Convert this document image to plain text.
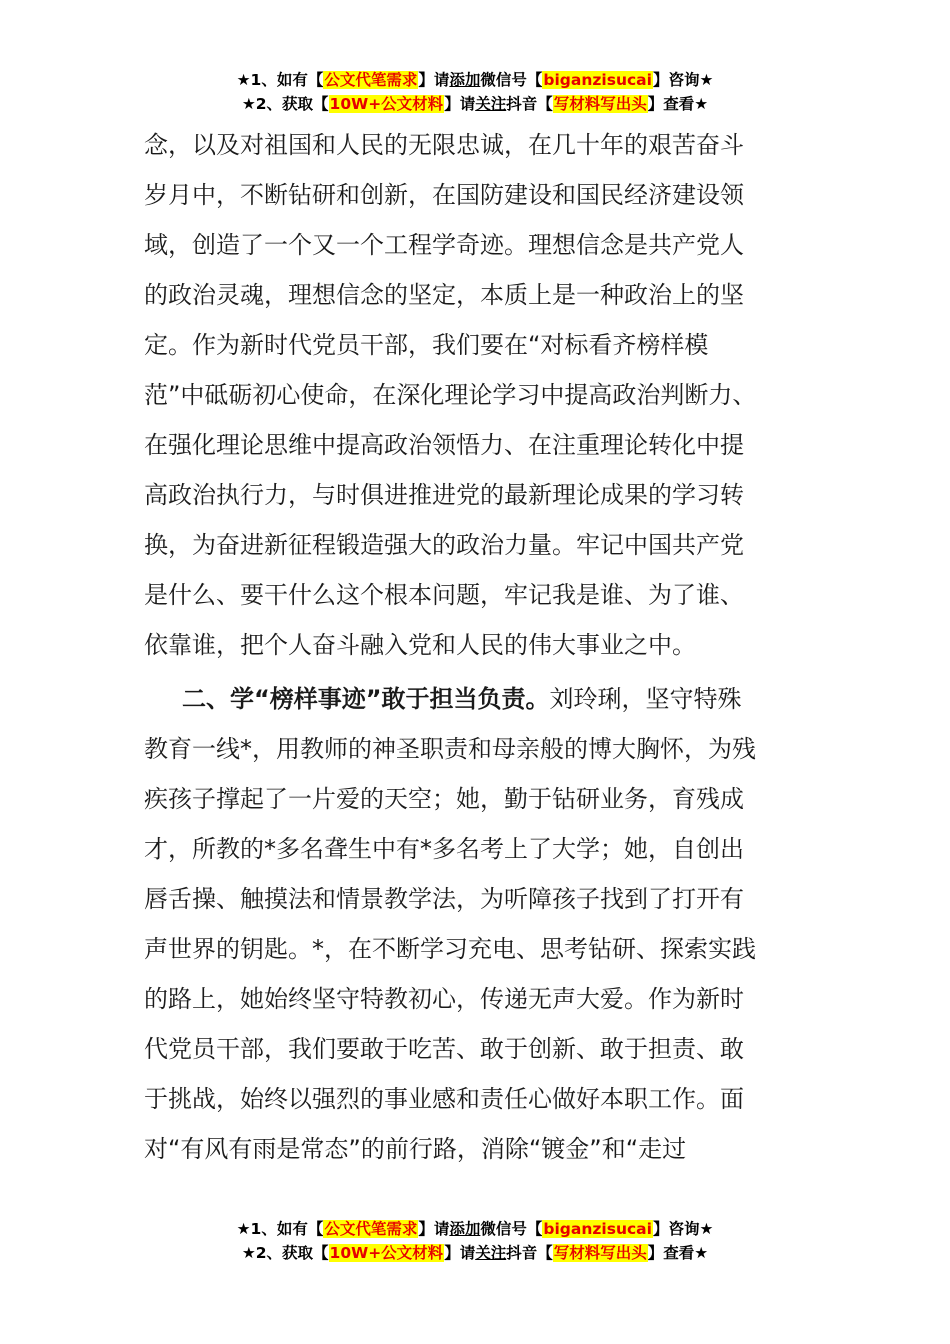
★1、如有【公文代笔需求】请添加微信号【biganzisucai】咨询★
★2、获取【10W+公文材料】请关注抖音【写材料写出头】查看★
念，以及对祖国和人民的无限忠诚，在几十年的艰苦奋斗
岁月中，不断钻研和创新，在国防建设和国民经济建设领
域，创造了一个又一个工程学奇迹。理想信念是共产党人
的政治灵魂，理想信念的坚定，本质上是一种政治上的坚
定。作为新时代党员干部，我们要在“对标看齐榜样模
范”中砥砺初心使命，在深化理论学习中提高政治判断力、
在强化理论思维中提高政治领悟力、在注重理论转化中提
高政治执行力，与时俱进推进党的最新理论成果的学习转
换，为奋进新征程锻造强大的政治力量。牢记中国共产党
是什么、要干什么这个根本问题，牢记我是谁、为了谁、
依靠谁，把个人奋斗融入党和人民的伟大事业之中。
二、学“榜样事迹”敢于担当负责。刘玲琍，坚守特殊
教育一线*，用教师的神圣职责和母亲般的博大胸怀，为残
疾孩子撑起了一片爱的天空；她，勤于钻研业务，育残成
才，所教的*多名聋生中有*多名考上了大学；她，自创出
唇舌操、触摸法和情景教学法，为听障孩子找到了打开有
声世界的钥匙。*，在不断学习充电、思考钻研、探索实践
的路上，她始终坚守特教初心，传递无声大爱。作为新时
代党员干部，我们要敢于吃苦、敢于创新、敢于担责、敢
于挑战，始终以强烈的事业感和责任心做好本职工作。面
对“有风有雨是常态”的前行路，消除“镀金”和“走过
★1、如有【公文代笔需求】请添加微信号【biganzisucai】咨询★
★2、获取【10W+公文材料】请关注抖音【写材料写出头】查看★
